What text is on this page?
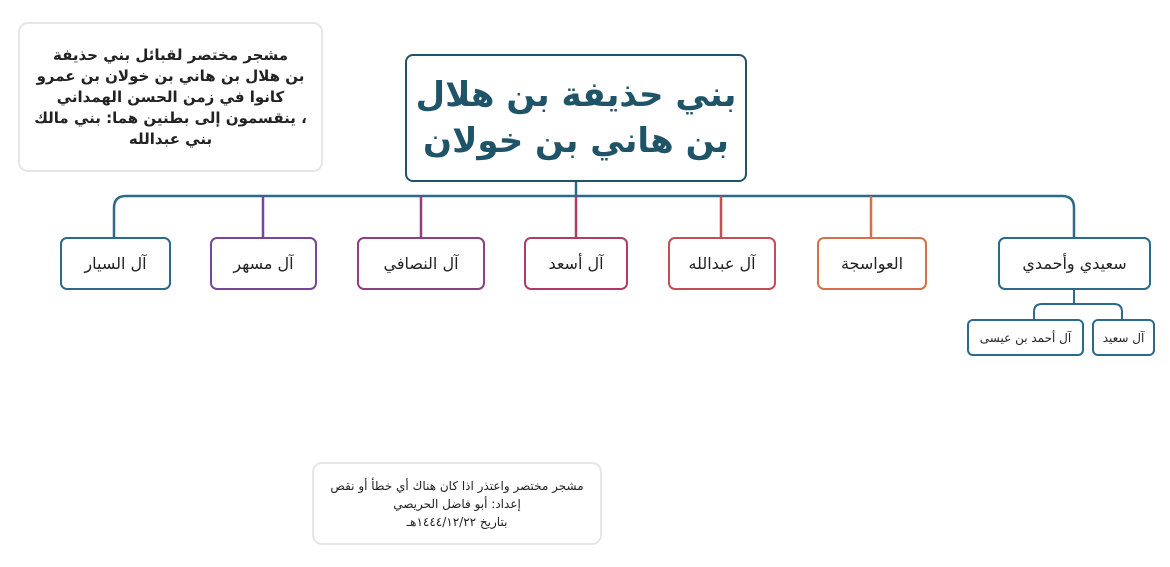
مشجر مختصر لقبائل بني حذيفة
بن هلال بن هاني بن خولان بن عمرو
كانوا في زمن الحسن الهمداني
، ينقسمون إلى بطنين هما: بني مالك
بني عبدالله
بني حذيفة بن هلال
بن هاني بن خولان
سعيدي وأحمدي
العواسجة
آل عبدالله
آل أسعد
آل النصافي
آل مسهر
آل السيار
آل سعيد
آل أحمد بن عيسى
مشجر مختصر واعتذر اذا كان هناك أي خطأ أو نقص
إعداد: أبو فاضل الحريصي
بتاريخ ١٤٤٤/١٢/٢٢هـ
